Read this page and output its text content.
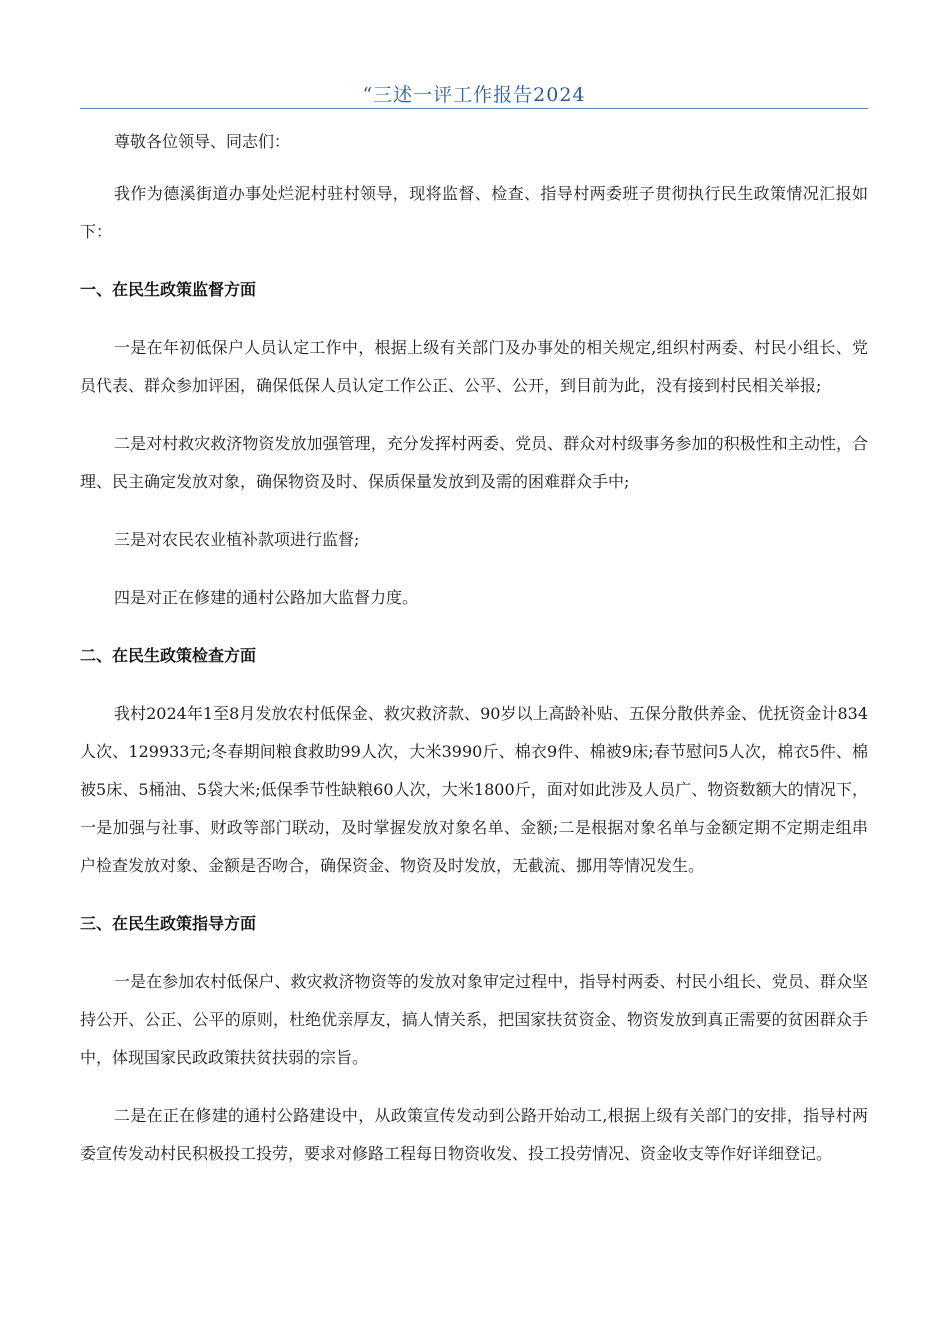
“三述一评工作报告2024

尊敬各位领导、同志们：

我作为德溪街道办事处烂泥村驻村领导，现将监督、检查、指导村两委班子贯彻执行民生政策情况汇报如下：

一、在民生政策监督方面

一是在年初低保户人员认定工作中，根据上级有关部门及办事处的相关规定,组织村两委、村民小组长、党员代表、群众参加评困，确保低保人员认定工作公正、公平、公开，到目前为此，没有接到村民相关举报;

二是对村救灾救济物资发放加强管理，充分发挥村两委、党员、群众对村级事务参加的积极性和主动性，合理、民主确定发放对象，确保物资及时、保质保量发放到及需的困难群众手中;

三是对农民农业植补款项进行监督;

四是对正在修建的通村公路加大监督力度。

二、在民生政策检查方面

我村2024年1至8月发放农村低保金、救灾救济款、90岁以上高龄补贴、五保分散供养金、优抚资金计834人次、129933元;冬春期间粮食救助99人次，大米3990斤、棉衣9件、棉被9床;春节慰问5人次，棉衣5件、棉被5床、5桶油、5袋大米;低保季节性缺粮60人次，大米1800斤，面对如此涉及人员广、物资数额大的情况下，一是加强与社事、财政等部门联动，及时掌握发放对象名单、金额;二是根据对象名单与金额定期不定期走组串户检查发放对象、金额是否吻合，确保资金、物资及时发放，无截流、挪用等情况发生。

三、在民生政策指导方面

一是在参加农村低保户、救灾救济物资等的发放对象审定过程中，指导村两委、村民小组长、党员、群众坚持公开、公正、公平的原则，杜绝优亲厚友，搞人情关系，把国家扶贫资金、物资发放到真正需要的贫困群众手中，体现国家民政政策扶贫扶弱的宗旨。

二是在正在修建的通村公路建设中，从政策宣传发动到公路开始动工,根据上级有关部门的安排，指导村两委宣传发动村民积极投工投劳，要求对修路工程每日物资收发、投工投劳情况、资金收支等作好详细登记。
